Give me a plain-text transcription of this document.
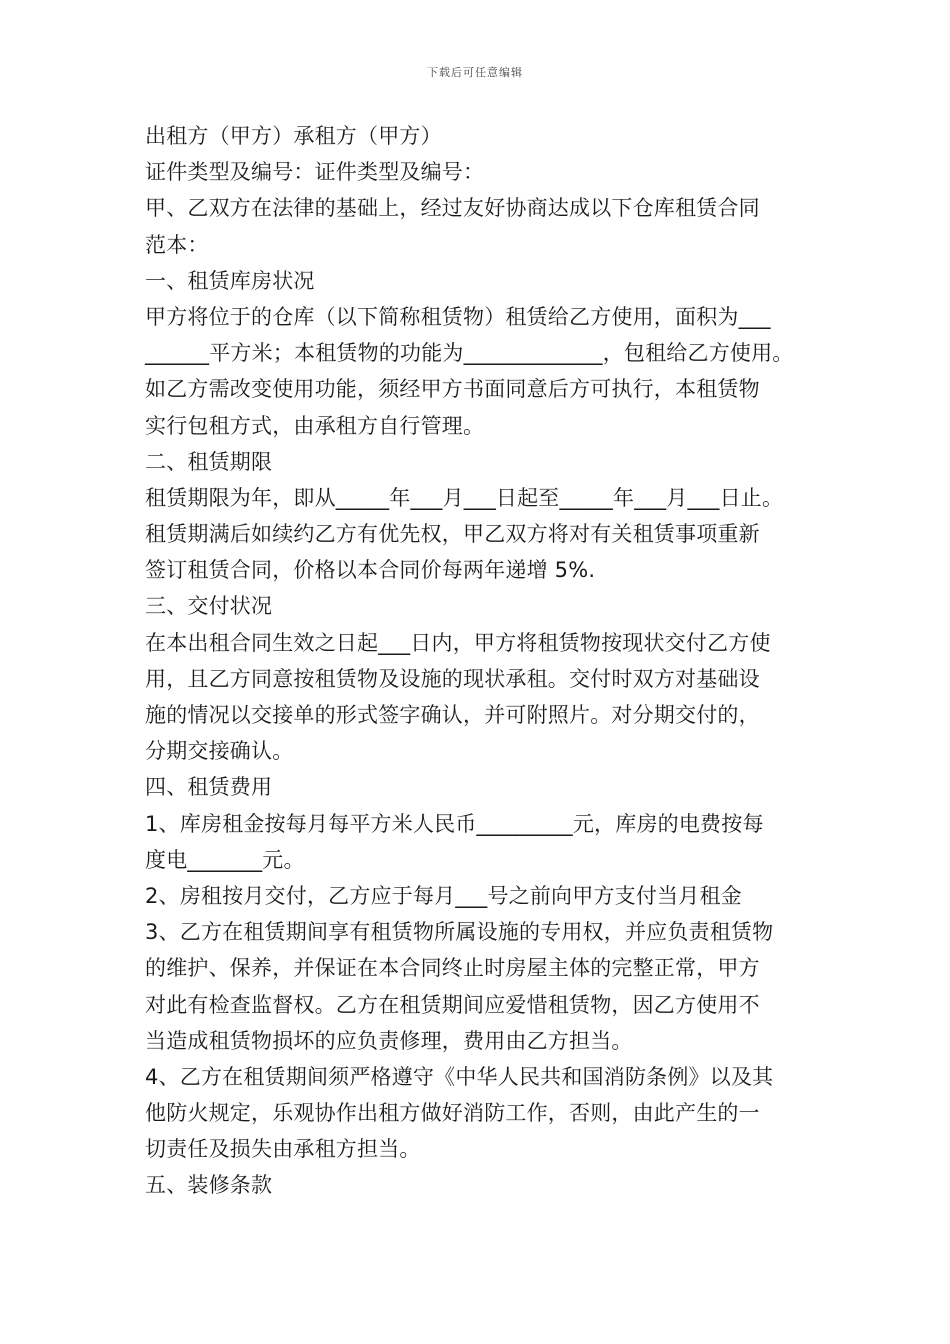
下载后可任意编辑
出租方（甲方）承租方（甲方）
证件类型及编号：证件类型及编号：
甲、乙双方在法律的基础上，经过友好协商达成以下仓库租赁合同
范本：
一、租赁库房状况
甲方将位于的仓库（以下简称租赁物）租赁给乙方使用，面积为___
______平方米；本租赁物的功能为_____________，包租给乙方使用。
如乙方需改变使用功能，须经甲方书面同意后方可执行，本租赁物
实行包租方式，由承租方自行管理。
二、租赁期限
租赁期限为年，即从_____年___月___日起至_____年___月___日止。
租赁期满后如续约乙方有优先权，甲乙双方将对有关租赁事项重新
签订租赁合同，价格以本合同价每两年递增 5%.
三、交付状况
在本出租合同生效之日起___日内，甲方将租赁物按现状交付乙方使
用，且乙方同意按租赁物及设施的现状承租。交付时双方对基础设
施的情况以交接单的形式签字确认，并可附照片。对分期交付的，
分期交接确认。
四、租赁费用
1、库房租金按每月每平方米人民币_________元，库房的电费按每
度电_______元。
2、房租按月交付，乙方应于每月___号之前向甲方支付当月租金
3、乙方在租赁期间享有租赁物所属设施的专用权，并应负责租赁物
的维护、保养，并保证在本合同终止时房屋主体的完整正常，甲方
对此有检查监督权。乙方在租赁期间应爱惜租赁物，因乙方使用不
当造成租赁物损坏的应负责修理，费用由乙方担当。
4、乙方在租赁期间须严格遵守《中华人民共和国消防条例》以及其
他防火规定，乐观协作出租方做好消防工作，否则，由此产生的一
切责任及损失由承租方担当。
五、装修条款
